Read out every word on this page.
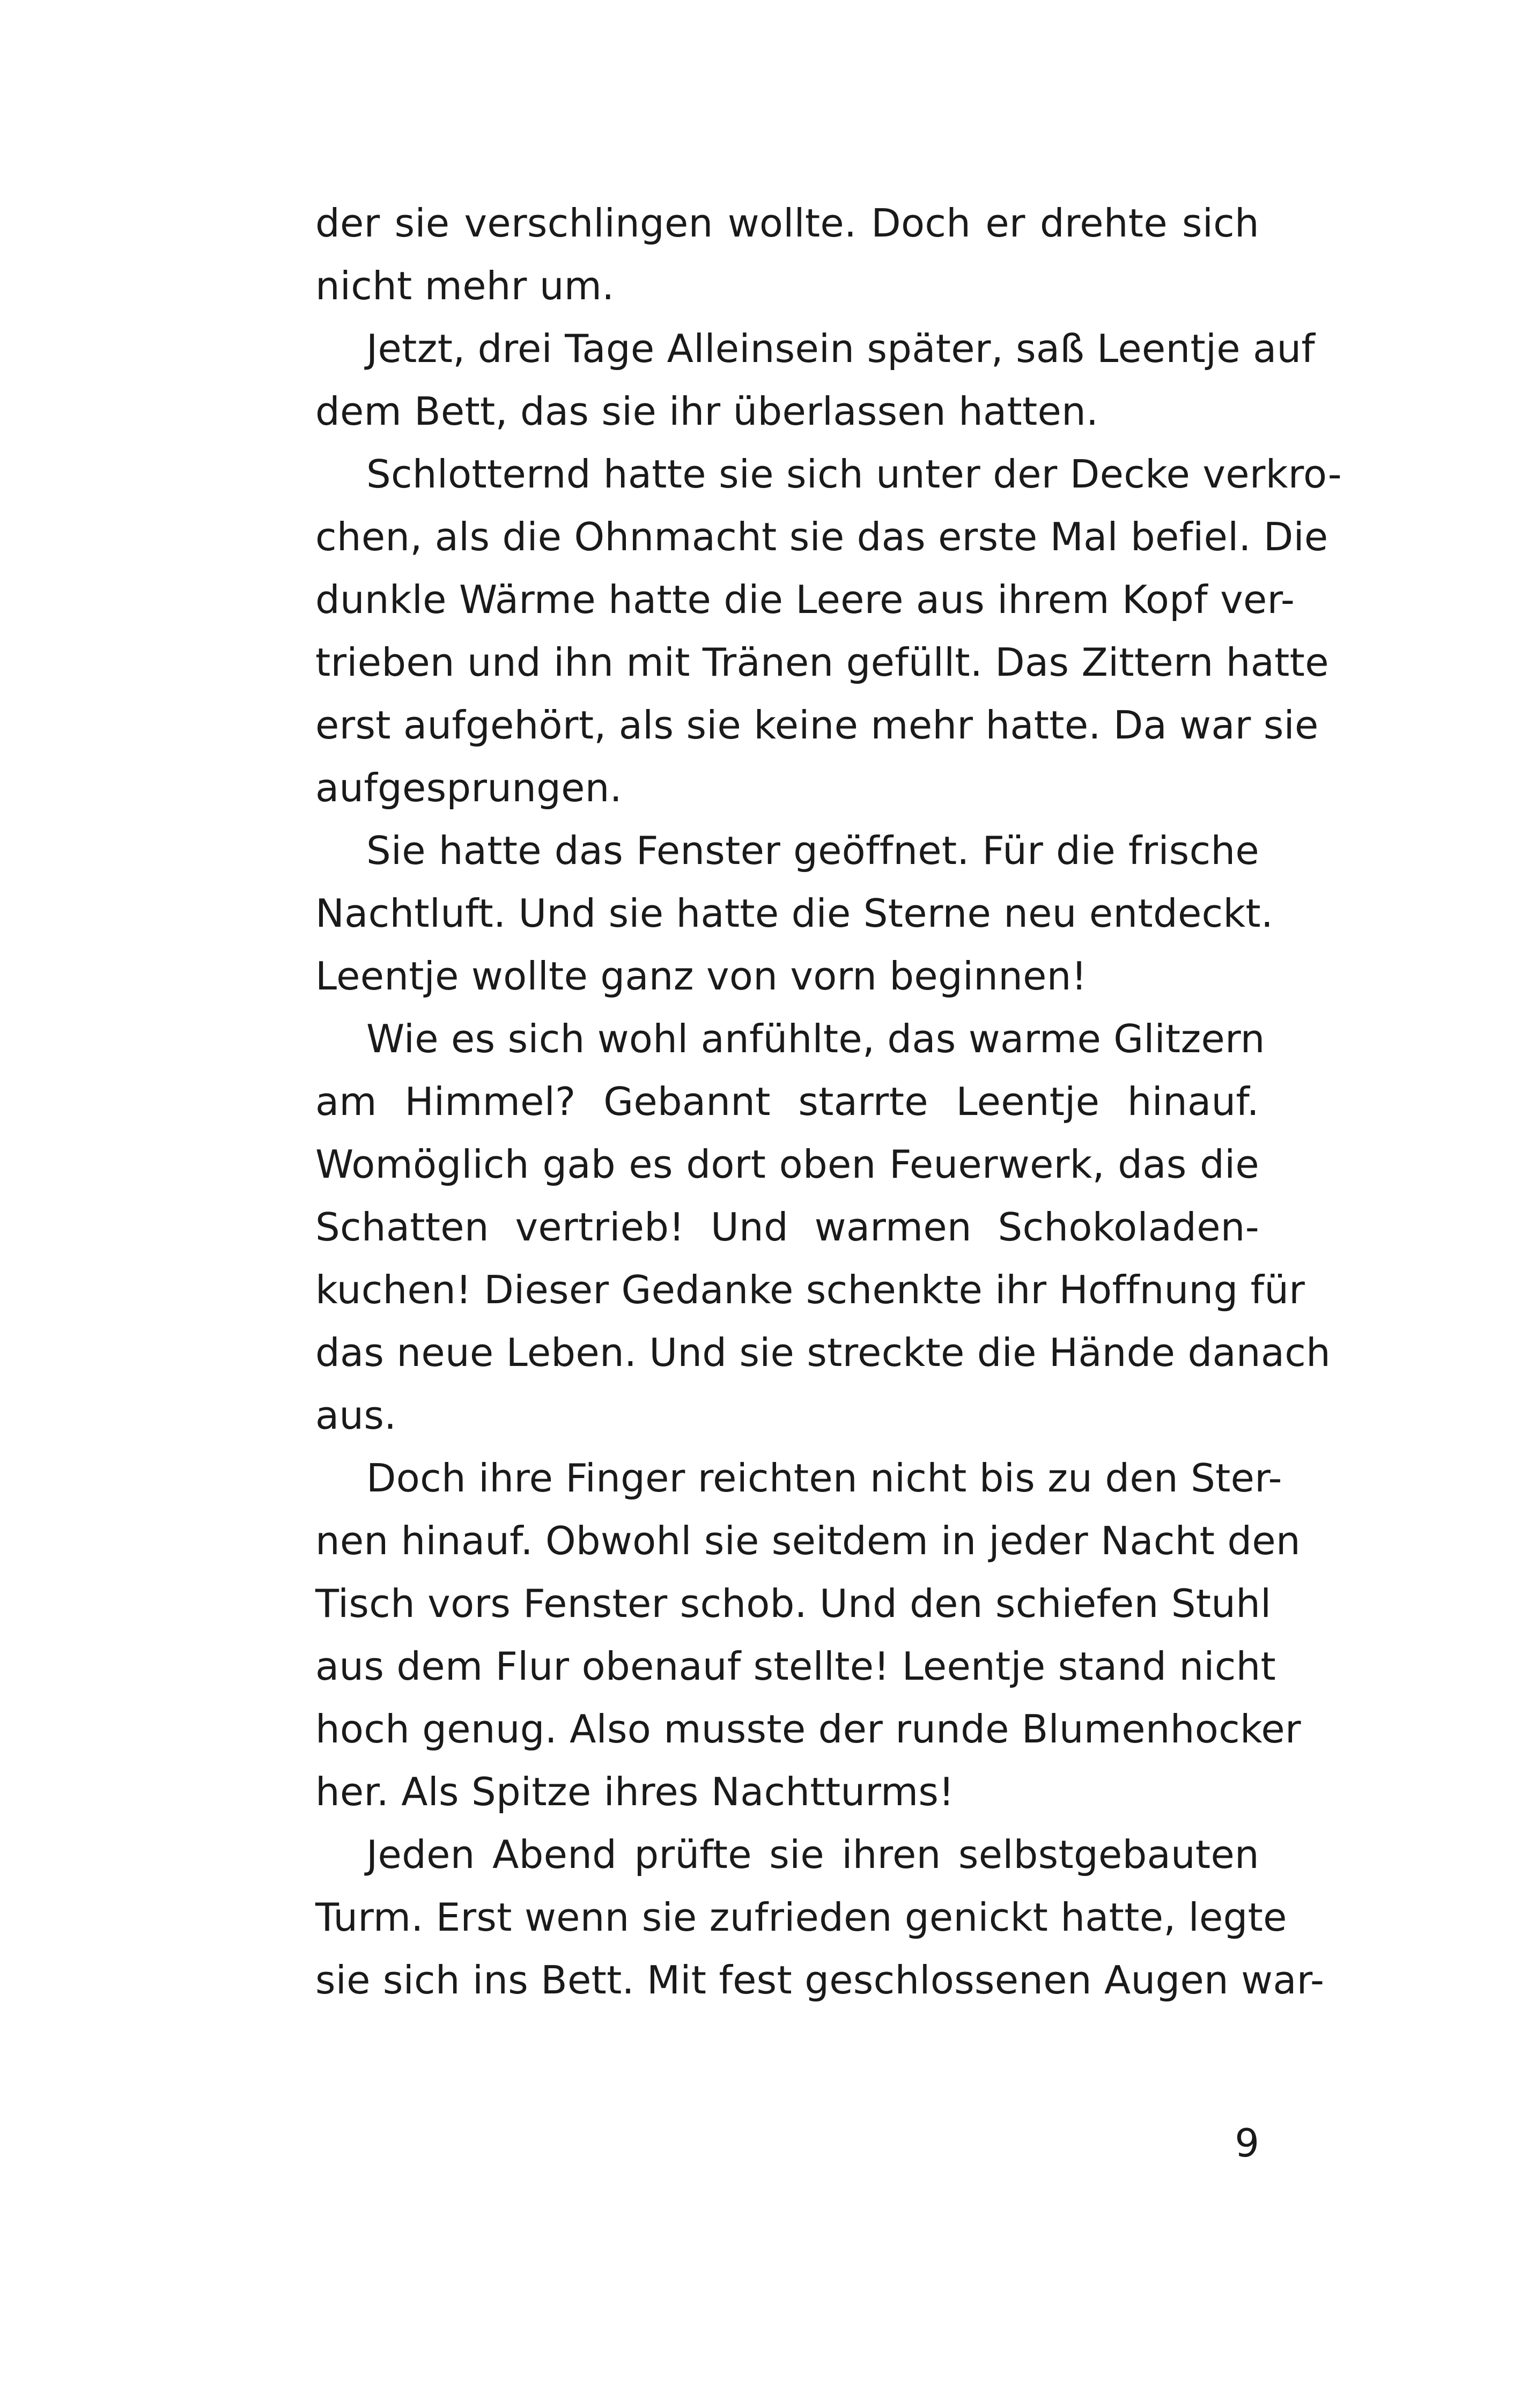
der sie verschlingen wollte. Doch er drehte sich
nicht mehr um.
Jetzt, drei Tage Alleinsein später, saß Leentje auf
dem Bett, das sie ihr überlassen hatten.
Schlotternd hatte sie sich unter der Decke verkro-
chen, als die Ohnmacht sie das erste Mal befiel. Die
dunkle Wärme hatte die Leere aus ihrem Kopf ver-
trieben und ihn mit Tränen gefüllt. Das Zittern hatte
erst aufgehört, als sie keine mehr hatte. Da war sie
aufgesprungen.
Sie hatte das Fenster geöffnet. Für die frische
Nachtluft. Und sie hatte die Sterne neu entdeckt.
Leentje wollte ganz von vorn beginnen!
Wie es sich wohl anfühlte, das warme Glitzern
am Himmel? Gebannt starrte Leentje hinauf.
Womöglich gab es dort oben Feuerwerk, das die
Schatten vertrieb! Und warmen Schokoladen-
kuchen! Dieser Gedanke schenkte ihr Hoffnung für
das neue Leben. Und sie streckte die Hände danach
aus.
Doch ihre Finger reichten nicht bis zu den Ster-
nen hinauf. Obwohl sie seitdem in jeder Nacht den
Tisch vors Fenster schob. Und den schiefen Stuhl
aus dem Flur obenauf stellte! Leentje stand nicht
hoch genug. Also musste der runde Blumenhocker
her. Als Spitze ihres Nachtturms!
Jeden Abend prüfte sie ihren selbstgebauten
Turm. Erst wenn sie zufrieden genickt hatte, legte
sie sich ins Bett. Mit fest geschlossenen Augen war-
9
